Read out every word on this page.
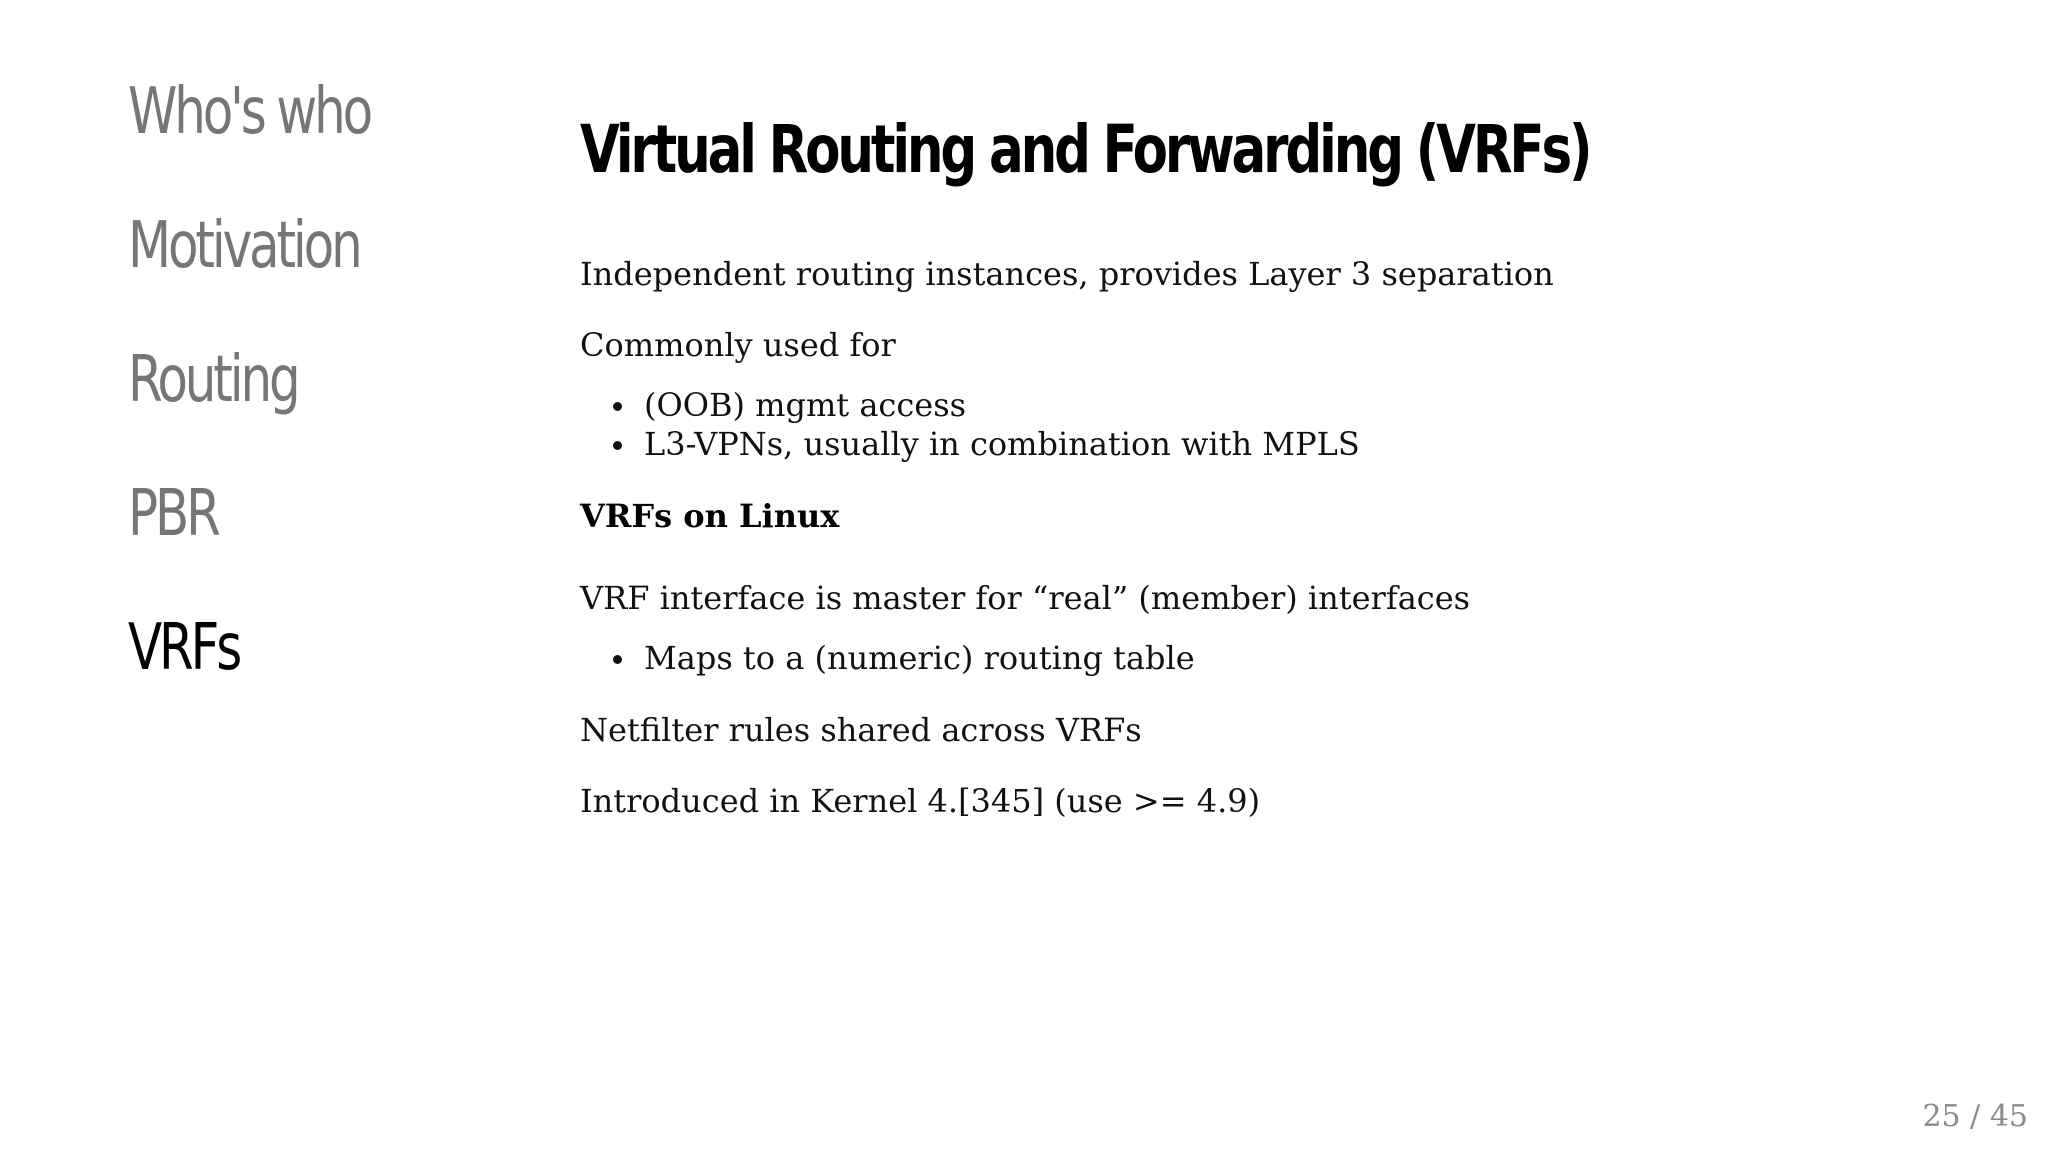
Who's who
Motivation
Routing
PBR
VRFs
Virtual Routing and Forwarding (VRFs)

Independent routing instances, provides Layer 3 separation

Commonly used for

(OOB) mgmt access
L3-VPNs, usually in combination with MPLS
VRFs on Linux

VRF interface is master for “real” (member) interfaces

Maps to a (numeric) routing table

Netfilter rules shared across VRFs

Introduced in Kernel 4.[345] (use >= 4.9)

25 / 45
